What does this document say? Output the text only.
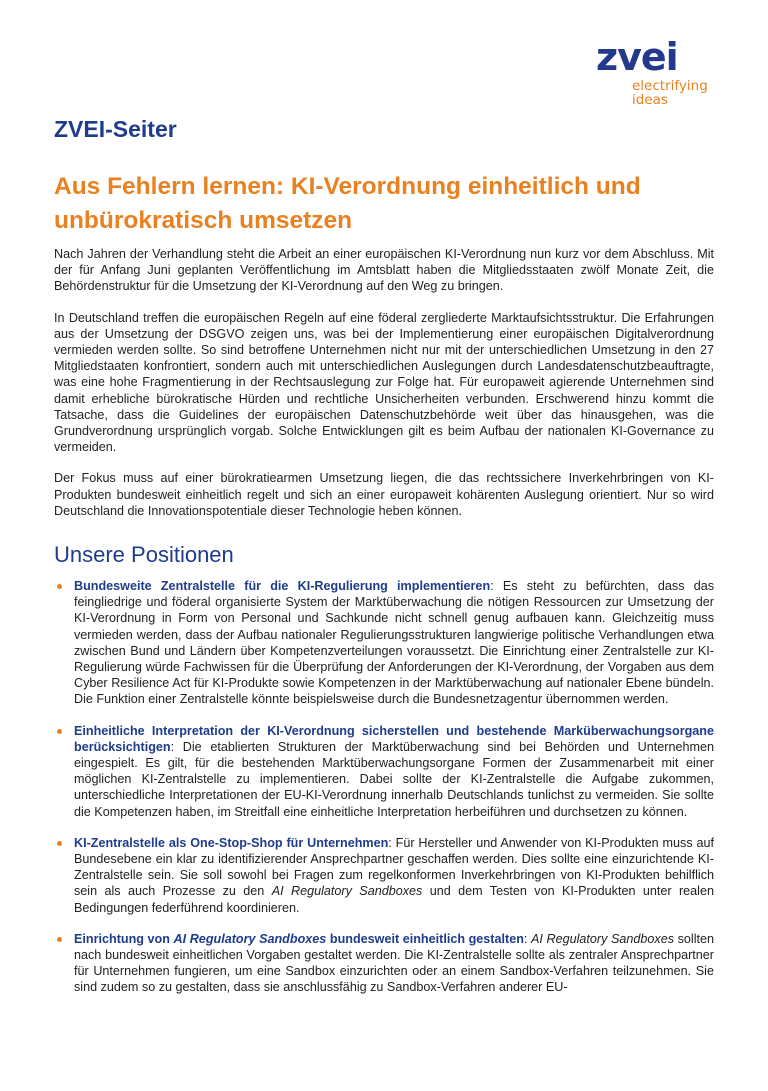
zvei
electrifying
ideas
ZVEI-Seiter
Aus Fehlern lernen: KI-Verordnung einheitlich und unbürokratisch umsetzen

Nach Jahren der Verhandlung steht die Arbeit an einer europäischen KI-Verordnung nun kurz vor dem Abschluss. Mit der für Anfang Juni geplanten Veröffentlichung im Amtsblatt haben die Mitgliedsstaaten zwölf Monate Zeit, die Behördenstruktur für die Umsetzung der KI-Verordnung auf den Weg zu bringen.

In Deutschland treffen die europäischen Regeln auf eine föderal zergliederte Marktaufsichtsstruktur. Die Erfahrungen aus der Umsetzung der DSGVO zeigen uns, was bei der Implementierung einer europäischen Digitalverordnung vermieden werden sollte. So sind betroffene Unternehmen nicht nur mit der unterschiedlichen Umsetzung in den 27 Mitgliedstaaten konfrontiert, sondern auch mit unterschiedlichen Auslegungen durch Landesdatenschutzbeauftragte, was eine hohe Fragmentierung in der Rechtsauslegung zur Folge hat. Für europaweit agierende Unternehmen sind damit erhebliche bürokratische Hürden und rechtliche Unsicherheiten verbunden. Erschwerend hinzu kommt die Tatsache, dass die Guidelines der europäischen Datenschutzbehörde weit über das hinausgehen, was die Grundverordnung ursprünglich vorgab. Solche Entwicklungen gilt es beim Aufbau der nationalen KI-Governance zu vermeiden.

Der Fokus muss auf einer bürokratiearmen Umsetzung liegen, die das rechtssichere Inverkehrbringen von KI-Produkten bundesweit einheitlich regelt und sich an einer europaweit kohärenten Auslegung orientiert. Nur so wird Deutschland die Innovationspotentiale dieser Technologie heben können.

Unsere Positionen

Bundesweite Zentralstelle für die KI-Regulierung implementieren: Es steht zu befürchten, dass das feingliedrige und föderal organisierte System der Marktüberwachung die nötigen Ressourcen zur Umsetzung der KI-Verordnung in Form von Personal und Sachkunde nicht schnell genug aufbauen kann. Gleichzeitig muss vermieden werden, dass der Aufbau nationaler Regulierungsstrukturen langwierige politische Verhandlungen etwa zwischen Bund und Ländern über Kompetenzverteilungen voraussetzt. Die Einrichtung einer Zentralstelle zur KI-Regulierung würde Fachwissen für die Überprüfung der Anforderungen der KI-Verordnung, der Vorgaben aus dem Cyber Resilience Act für KI-Produkte sowie Kompetenzen in der Marktüberwachung auf nationaler Ebene bündeln. Die Funktion einer Zentralstelle könnte beispielsweise durch die Bundesnetzagentur übernommen werden.

Einheitliche Interpretation der KI-Verordnung sicherstellen und bestehende Marküberwachungsorgane berücksichtigen: Die etablierten Strukturen der Marktüberwachung sind bei Behörden und Unternehmen eingespielt. Es gilt, für die bestehenden Marktüberwachungsorgane Formen der Zusammenarbeit mit einer möglichen KI-Zentralstelle zu implementieren. Dabei sollte der KI-Zentralstelle die Aufgabe zukommen, unterschiedliche Interpretationen der EU-KI-Verordnung innerhalb Deutschlands tunlichst zu vermeiden. Sie sollte die Kompetenzen haben, im Streitfall eine einheitliche Interpretation herbeiführen und durchsetzen zu können.

KI-Zentralstelle als One-Stop-Shop für Unternehmen: Für Hersteller und Anwender von KI-Produkten muss auf Bundesebene ein klar zu identifizierender Ansprechpartner geschaffen werden. Dies sollte eine einzurichtende KI-Zentralstelle sein. Sie soll sowohl bei Fragen zum regelkonformen Inverkehrbringen von KI-Produkten behilflich sein als auch Prozesse zu den AI Regulatory Sandboxes und dem Testen von KI-Produkten unter realen Bedingungen federführend koordinieren.

Einrichtung von AI Regulatory Sandboxes bundesweit einheitlich gestalten: AI Regulatory Sandboxes sollten nach bundesweit einheitlichen Vorgaben gestaltet werden. Die KI-Zentralstelle sollte als zentraler Ansprechpartner für Unternehmen fungieren, um eine Sandbox einzurichten oder an einem Sandbox-Verfahren teilzunehmen. Sie sind zudem so zu gestalten, dass sie anschlussfähig zu Sandbox-Verfahren anderer EU-
